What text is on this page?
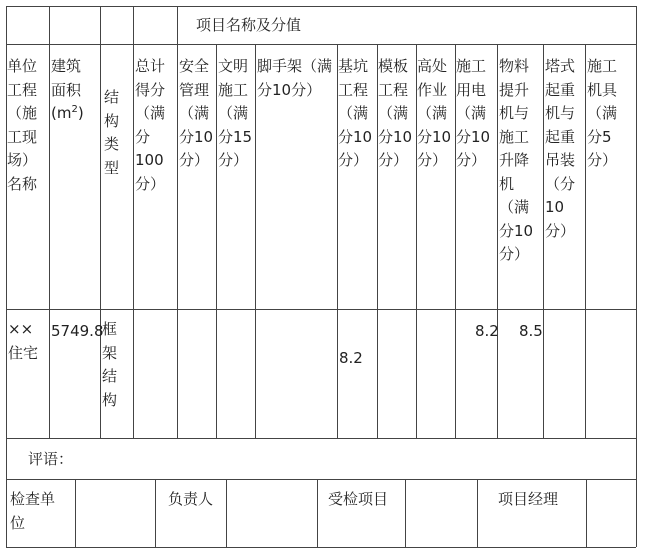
项目名称及分值
单位
工程
（施
工现
场）
名称
建筑
面积
$(m^2)$
结
构
类
型
总计
得分
（满
分
100
分）
安全
管理
（满
分10
分）
文明
施工
（满
分15
分）
脚手架（满
分10分）
基坑
工程
（满
分10
分）
模板
工程
（满
分10
分）
高处
作业
（满
分10
分）
施工
用电
（满
分10
分）
物料
提升
机与
施工
升降
机
（满
分10
分）
塔式
起重
机与
起重
吊装
（分
10
分）
施工
机具
（满
分5
分）
××
住宅
5749.8
框
架
结
构
8.2
8.2 8.5
评语：
检查单
位
负责人	受检项目	项目经理
